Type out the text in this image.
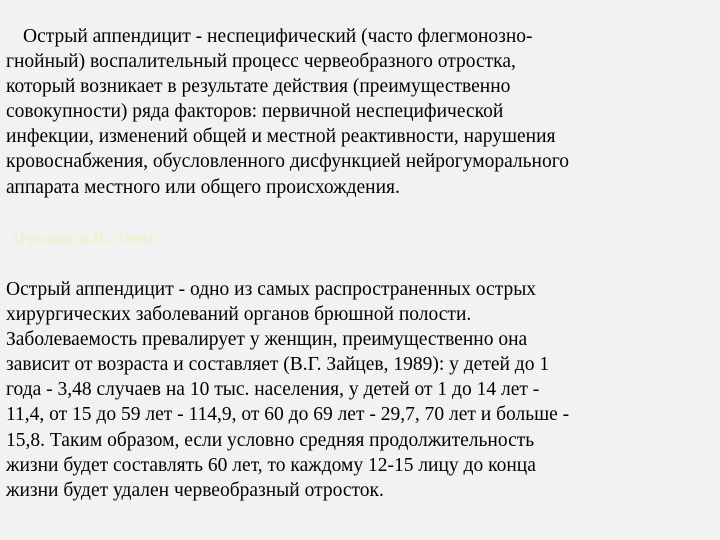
Острый аппендицит - неспецифический (часто флегмонозно-
гнойный) воспалительный процесс червеобразного отростка,
который возникает в результате действия (преимущественно
совокупности) ряда факторов: первичной неспецифической
инфекции, изменений общей и местной реактивности, нарушения
кровоснабжения, обусловленного дисфункцией нейрогуморального
аппарата местного или общего происхождения.
(Русаков В.И., 1990)
Острый аппендицит - одно из самых распространенных острых
хирургических заболеваний органов брюшной полости.
Заболеваемость превалирует у женщин, преимущественно она
зависит от возраста и составляет (В.Г. Зайцев, 1989): у детей до 1
года - 3,48 случаев на 10 тыс. населения, у детей от 1 до 14 лет -
11,4, от 15 до 59 лет - 114,9, от 60 до 69 лет - 29,7, 70 лет и больше -
15,8. Таким образом, если условно средняя продолжительность
жизни будет составлять 60 лет, то каждому 12-15 лицу до конца
жизни будет удален червеобразный отросток.
